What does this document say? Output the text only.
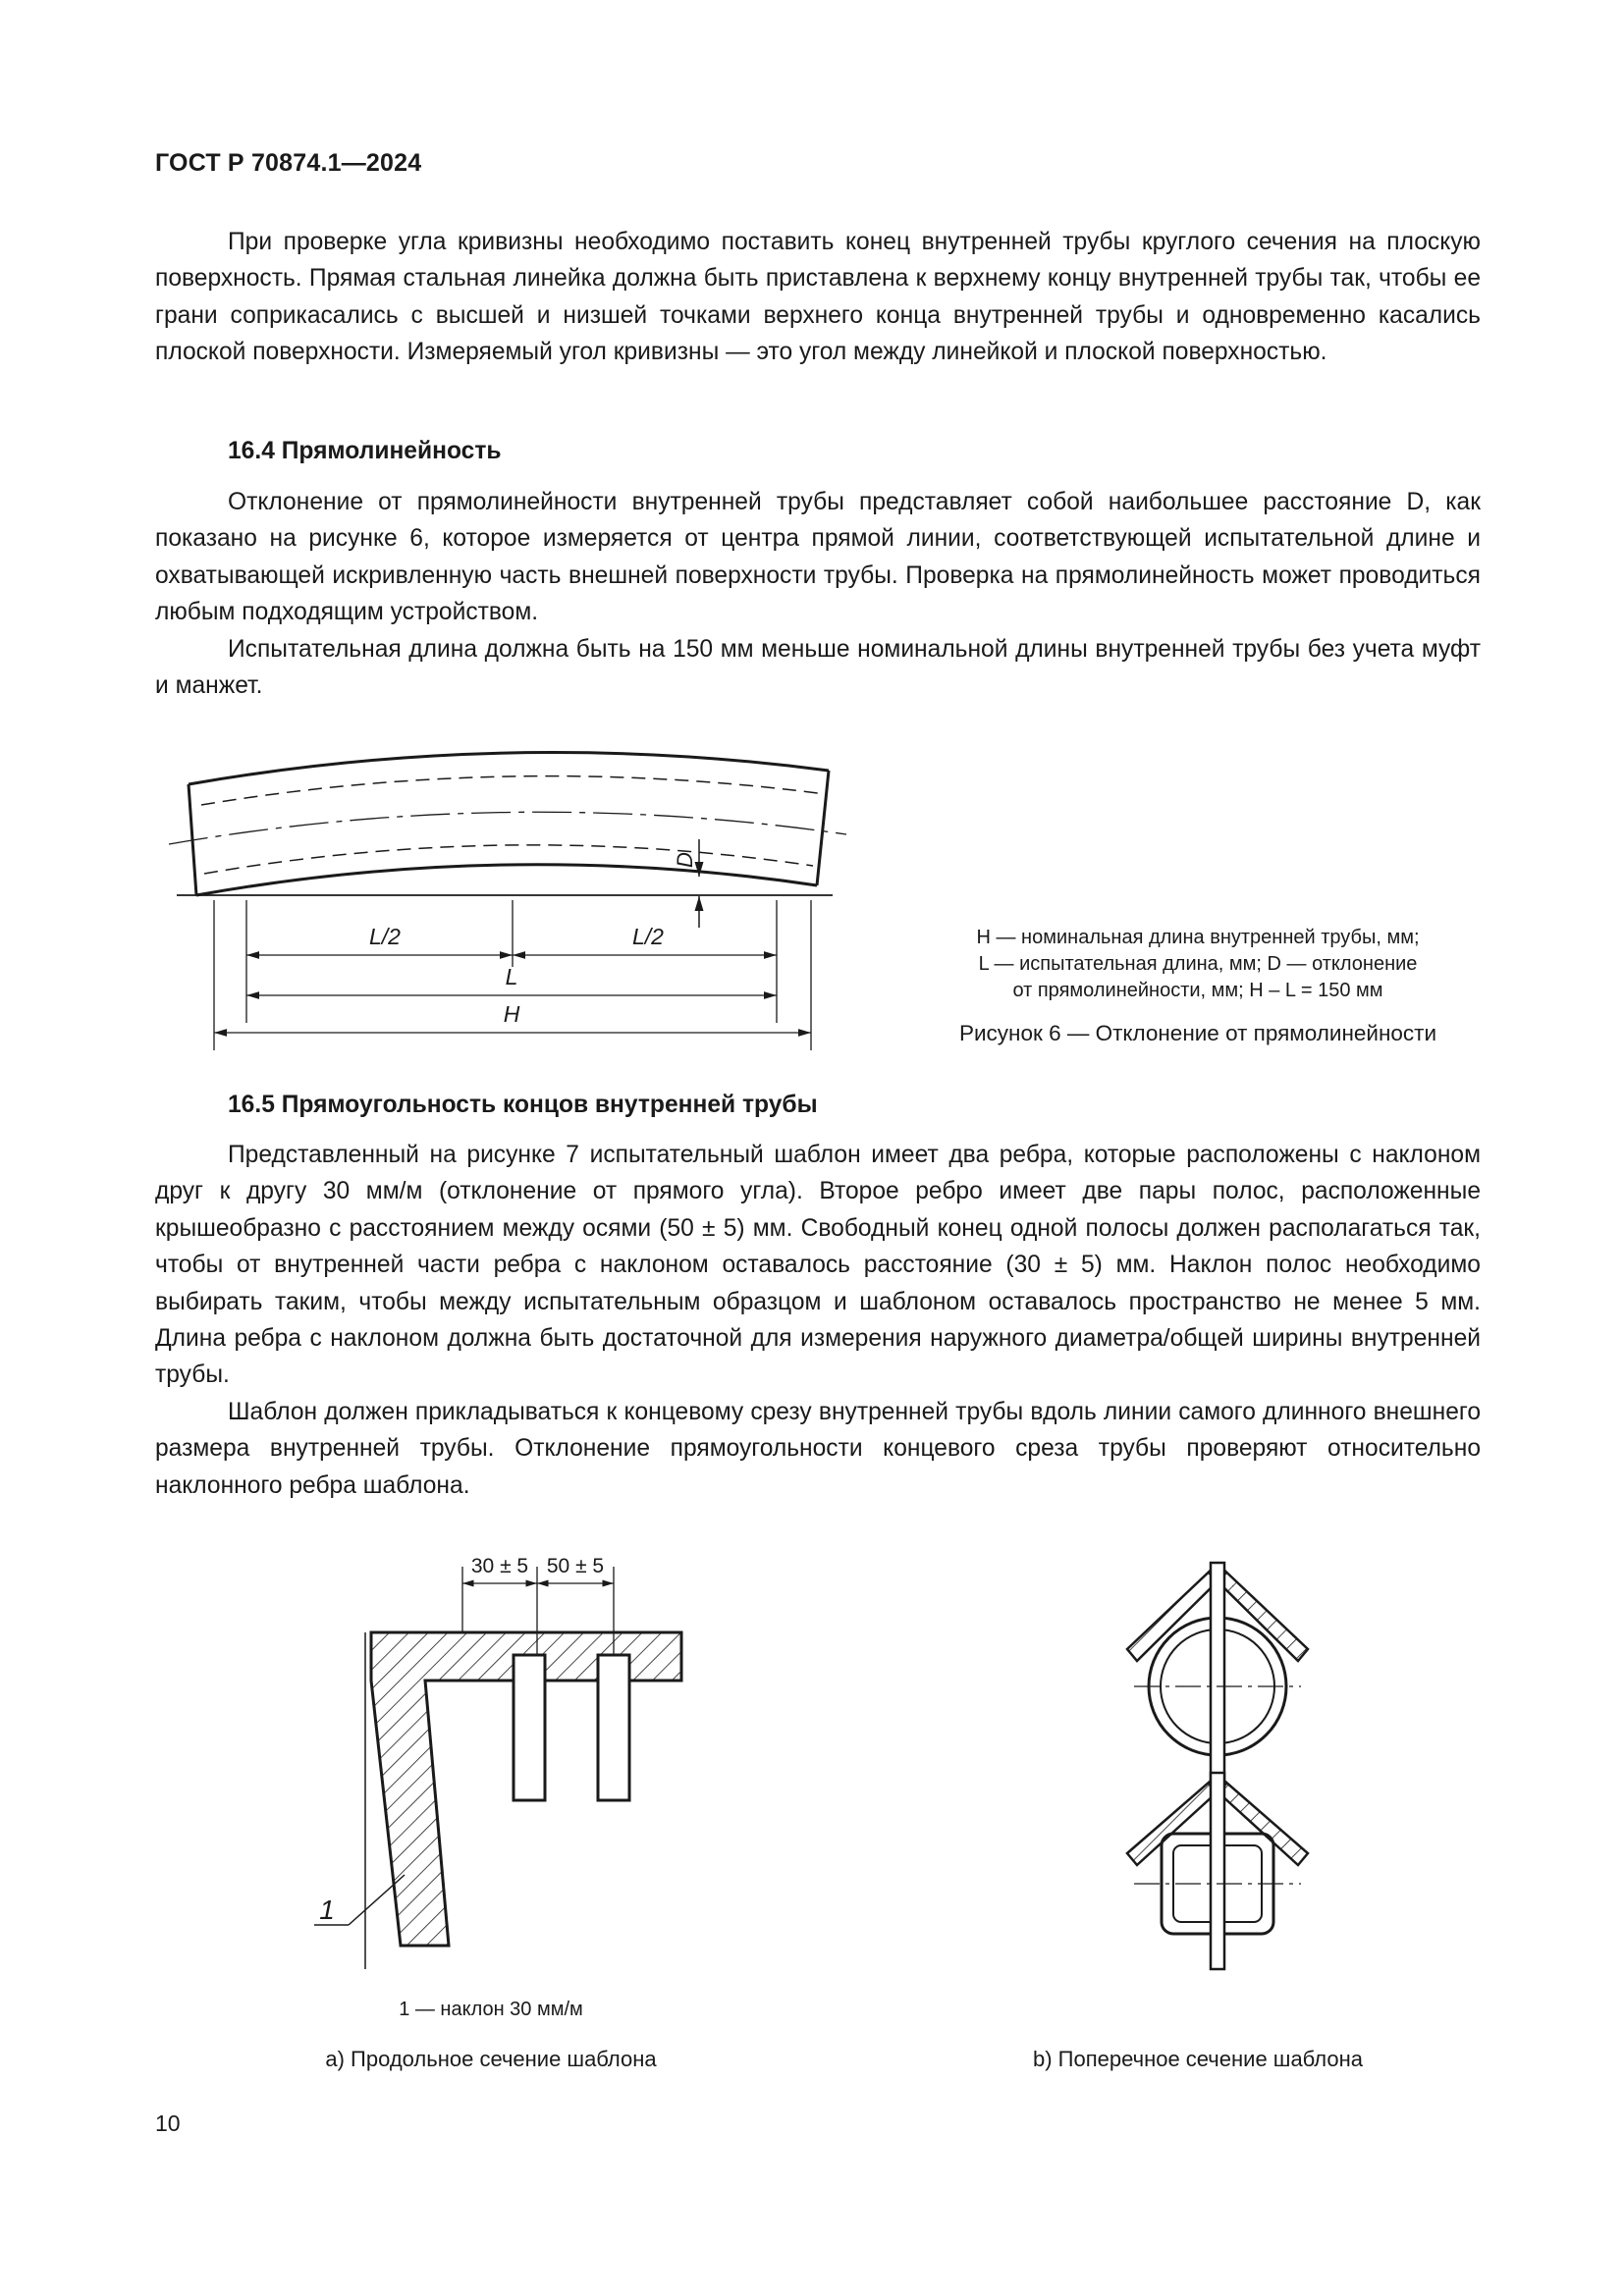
ГОСТ Р 70874.1—2024

При проверке угла кривизны необходимо поставить конец внутренней трубы круглого сечения на плоскую поверхность. Прямая стальная линейка должна быть приставлена к верхнему концу внутренней трубы так, чтобы ее грани соприкасались с высшей и низшей точками верхнего конца внутренней трубы и одновременно касались плоской поверхности. Измеряемый угол кривизны — это угол между линейкой и плоской поверхностью.

16.4 Прямолинейность

Отклонение от прямолинейности внутренней трубы представляет собой наибольшее расстояние D, как показано на рисунке 6, которое измеряется от центра прямой линии, соответствующей испытательной длине и охватывающей искривленную часть внешней поверхности трубы. Проверка на прямолинейность может проводиться любым подходящим устройством.

Испытательная длина должна быть на 150 мм меньше номинальной длины внутренней трубы без учета муфт и манжет.

D
L/2	L/2
L
H
H — номинальная длина внутренней трубы, мм;
L — испытательная длина, мм; D — отклонение
от прямолинейности, мм; H – L = 150 мм
Рисунок 6 — Отклонение от прямолинейности
16.5 Прямоугольность концов внутренней трубы

Представленный на рисунке 7 испытательный шаблон имеет два ребра, которые расположены с наклоном друг к другу 30 мм/м (отклонение от прямого угла). Второе ребро имеет две пары полос, расположенные крышеобразно с расстоянием между осями (50 ± 5) мм. Свободный конец одной полосы должен располагаться так, чтобы от внутренней части ребра с наклоном оставалось расстояние (30 ± 5) мм. Наклон полос необходимо выбирать таким, чтобы между испытательным образцом и шаблоном оставалось пространство не менее 5 мм. Длина ребра с наклоном должна быть достаточной для измерения наружного диаметра/общей ширины внутренней трубы.

Шаблон должен прикладываться к концевому срезу внутренней трубы вдоль линии самого длинного внешнего размера внутренней трубы. Отклонение прямоугольности концевого среза трубы проверяют относительно наклонного ребра шаблона.

30 ± 5 50 ± 5
1
1 — наклон 30 мм/м
a) Продольное сечение шаблона	b) Поперечное сечение шаблона
10
